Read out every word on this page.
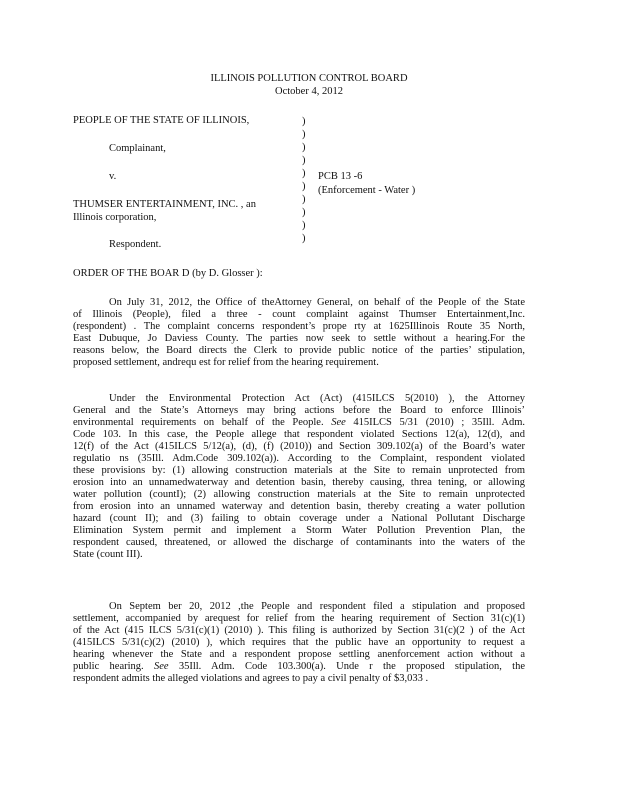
ILLINOIS POLLUTION CONTROL BOARD
October 4, 2012
PEOPLE OF THE STATE OF ILLINOIS,
Complainant,
v.	PCB 13 -6
(Enforcement - Water )
THUMSER ENTERTAINMENT, INC. , an
Illinois corporation,
Respondent.
)
)
)
)
)
)
)
)
)
)
ORDER OF THE BOAR D (by D. Glosser ):
On July 31, 2012, the Office of theAttorney General, on behalf of the People of the State
of Illinois (People), filed a three - count complaint against Thumser Entertainment,Inc.
(respondent) . The complaint concerns respondent’s prope rty at 1625Illinois Route 35 North,
East Dubuque, Jo Daviess County. The parties now seek to settle without a hearing.For the
reasons below, the Board directs the Clerk to provide public notice of the parties’ stipulation,
proposed settlement, andrequ est for relief from the hearing requirement.
Under the Environmental Protection Act (Act) (415ILCS 5(2010) ), the Attorney
General and the State’s Attorneys may bring actions before the Board to enforce Illinois’
environmental requirements on behalf of the People. See 415ILCS 5/31 (2010) ; 35Ill. Adm.
Code 103. In this case, the People allege that respondent violated Sections 12(a), 12(d), and
12(f) of the Act (415ILCS 5/12(a), (d), (f) (2010)) and Section 309.102(a) of the Board’s water
regulatio ns (35Ill. Adm.Code 309.102(a)). According to the Complaint, respondent violated
these provisions by: (1) allowing construction materials at the Site to remain unprotected from
erosion into an unnamedwaterway and detention basin, thereby causing, threa tening, or allowing
water pollution (countI); (2) allowing construction materials at the Site to remain unprotected
from erosion into an unnamed waterway and detention basin, thereby creating a water pollution
hazard (count II); and (3) failing to obtain coverage under a National Pollutant Discharge
Elimination System permit and implement a Storm Water Pollution Prevention Plan, the
respondent caused, threatened, or allowed the discharge of contaminants into the waters of the
State (count III).
On Septem ber 20, 2012 ,the People and respondent filed a stipulation and proposed
settlement, accompanied by arequest for relief from the hearing requirement of Section 31(c)(1)
of the Act (415 ILCS 5/31(c)(1) (2010) ). This filing is authorized by Section 31(c)(2 ) of the Act
(415ILCS 5/31(c)(2) (2010) ), which requires that the public have an opportunity to request a
hearing whenever the State and a respondent propose settling anenforcement action without a
public hearing. See 35Ill. Adm. Code 103.300(a). Unde r the proposed stipulation, the
respondent admits the alleged violations and agrees to pay a civil penalty of $3,033 .
